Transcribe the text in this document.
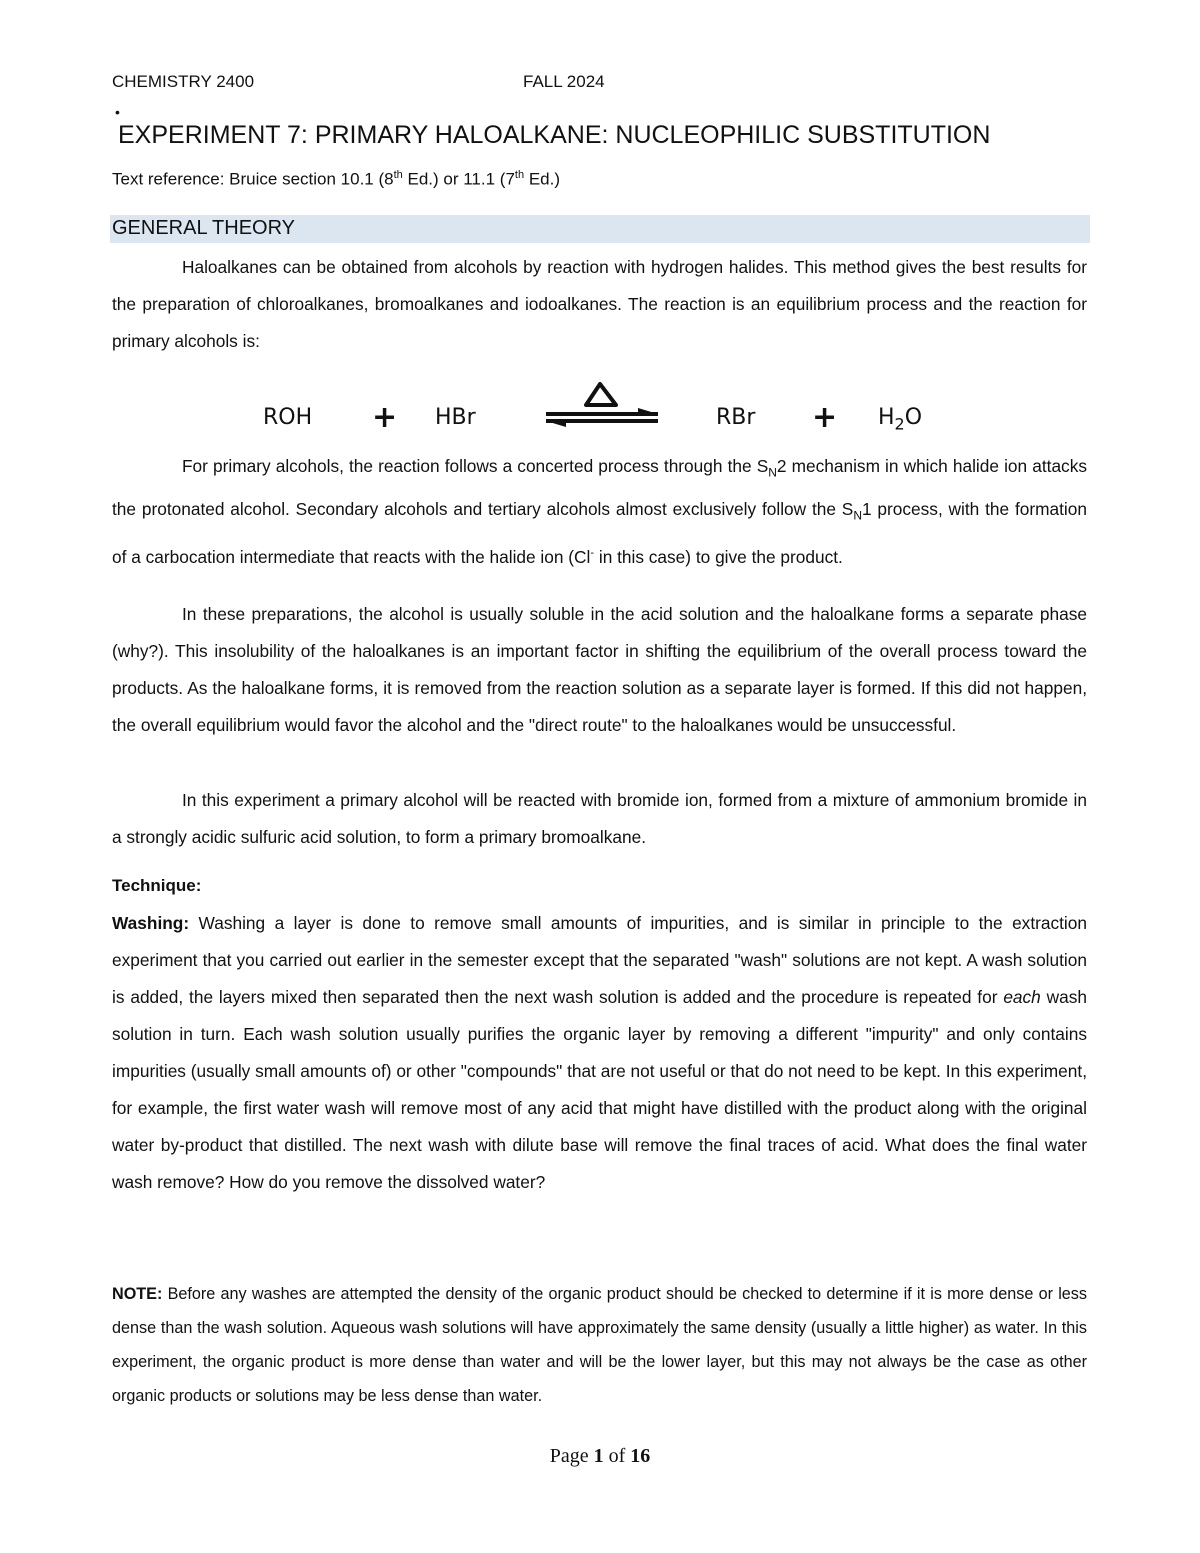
CHEMISTRY 2400	FALL 2024
•
EXPERIMENT 7: PRIMARY HALOALKANE: NUCLEOPHILIC SUBSTITUTION
Text reference: Bruice section 10.1 (8th Ed.) or 11.1 (7th Ed.)
GENERAL THEORY

Haloalkanes can be obtained from alcohols by reaction with hydrogen halides. This method gives the best results for the preparation of chloroalkanes, bromoalkanes and iodoalkanes. The reaction is an equilibrium process and the reaction for primary alcohols is:

ROH + HBr	RBr + $H_2O$

For primary alcohols, the reaction follows a concerted process through the $S_N2$ mechanism in which halide ion attacks the protonated alcohol. Secondary alcohols and tertiary alcohols almost exclusively follow the $S_N1$ process, with the formation of a carbocation intermediate that reacts with the halide ion (Cl- in this case) to give the product.

In these preparations, the alcohol is usually soluble in the acid solution and the haloalkane forms a separate phase (why?). This insolubility of the haloalkanes is an important factor in shifting the equilibrium of the overall process toward the products. As the haloalkane forms, it is removed from the reaction solution as a separate layer is formed. If this did not happen, the overall equilibrium would favor the alcohol and the "direct route" to the haloalkanes would be unsuccessful.

In this experiment a primary alcohol will be reacted with bromide ion, formed from a mixture of ammonium bromide in a strongly acidic sulfuric acid solution, to form a primary bromoalkane.

Technique:

Washing: Washing a layer is done to remove small amounts of impurities, and is similar in principle to the extraction experiment that you carried out earlier in the semester except that the separated "wash" solutions are not kept. A wash solution is added, the layers mixed then separated then the next wash solution is added and the procedure is repeated for each wash solution in turn. Each wash solution usually purifies the organic layer by removing a different "impurity" and only contains impurities (usually small amounts of) or other "compounds" that are not useful or that do not need to be kept. In this experiment, for example, the first water wash will remove most of any acid that might have distilled with the product along with the original water by-product that distilled. The next wash with dilute base will remove the final traces of acid. What does the final water wash remove? How do you remove the dissolved water?

NOTE: Before any washes are attempted the density of the organic product should be checked to determine if it is more dense or less dense than the wash solution. Aqueous wash solutions will have approximately the same density (usually a little higher) as water. In this experiment, the organic product is more dense than water and will be the lower layer, but this may not always be the case as other organic products or solutions may be less dense than water.

Page 1 of 16
